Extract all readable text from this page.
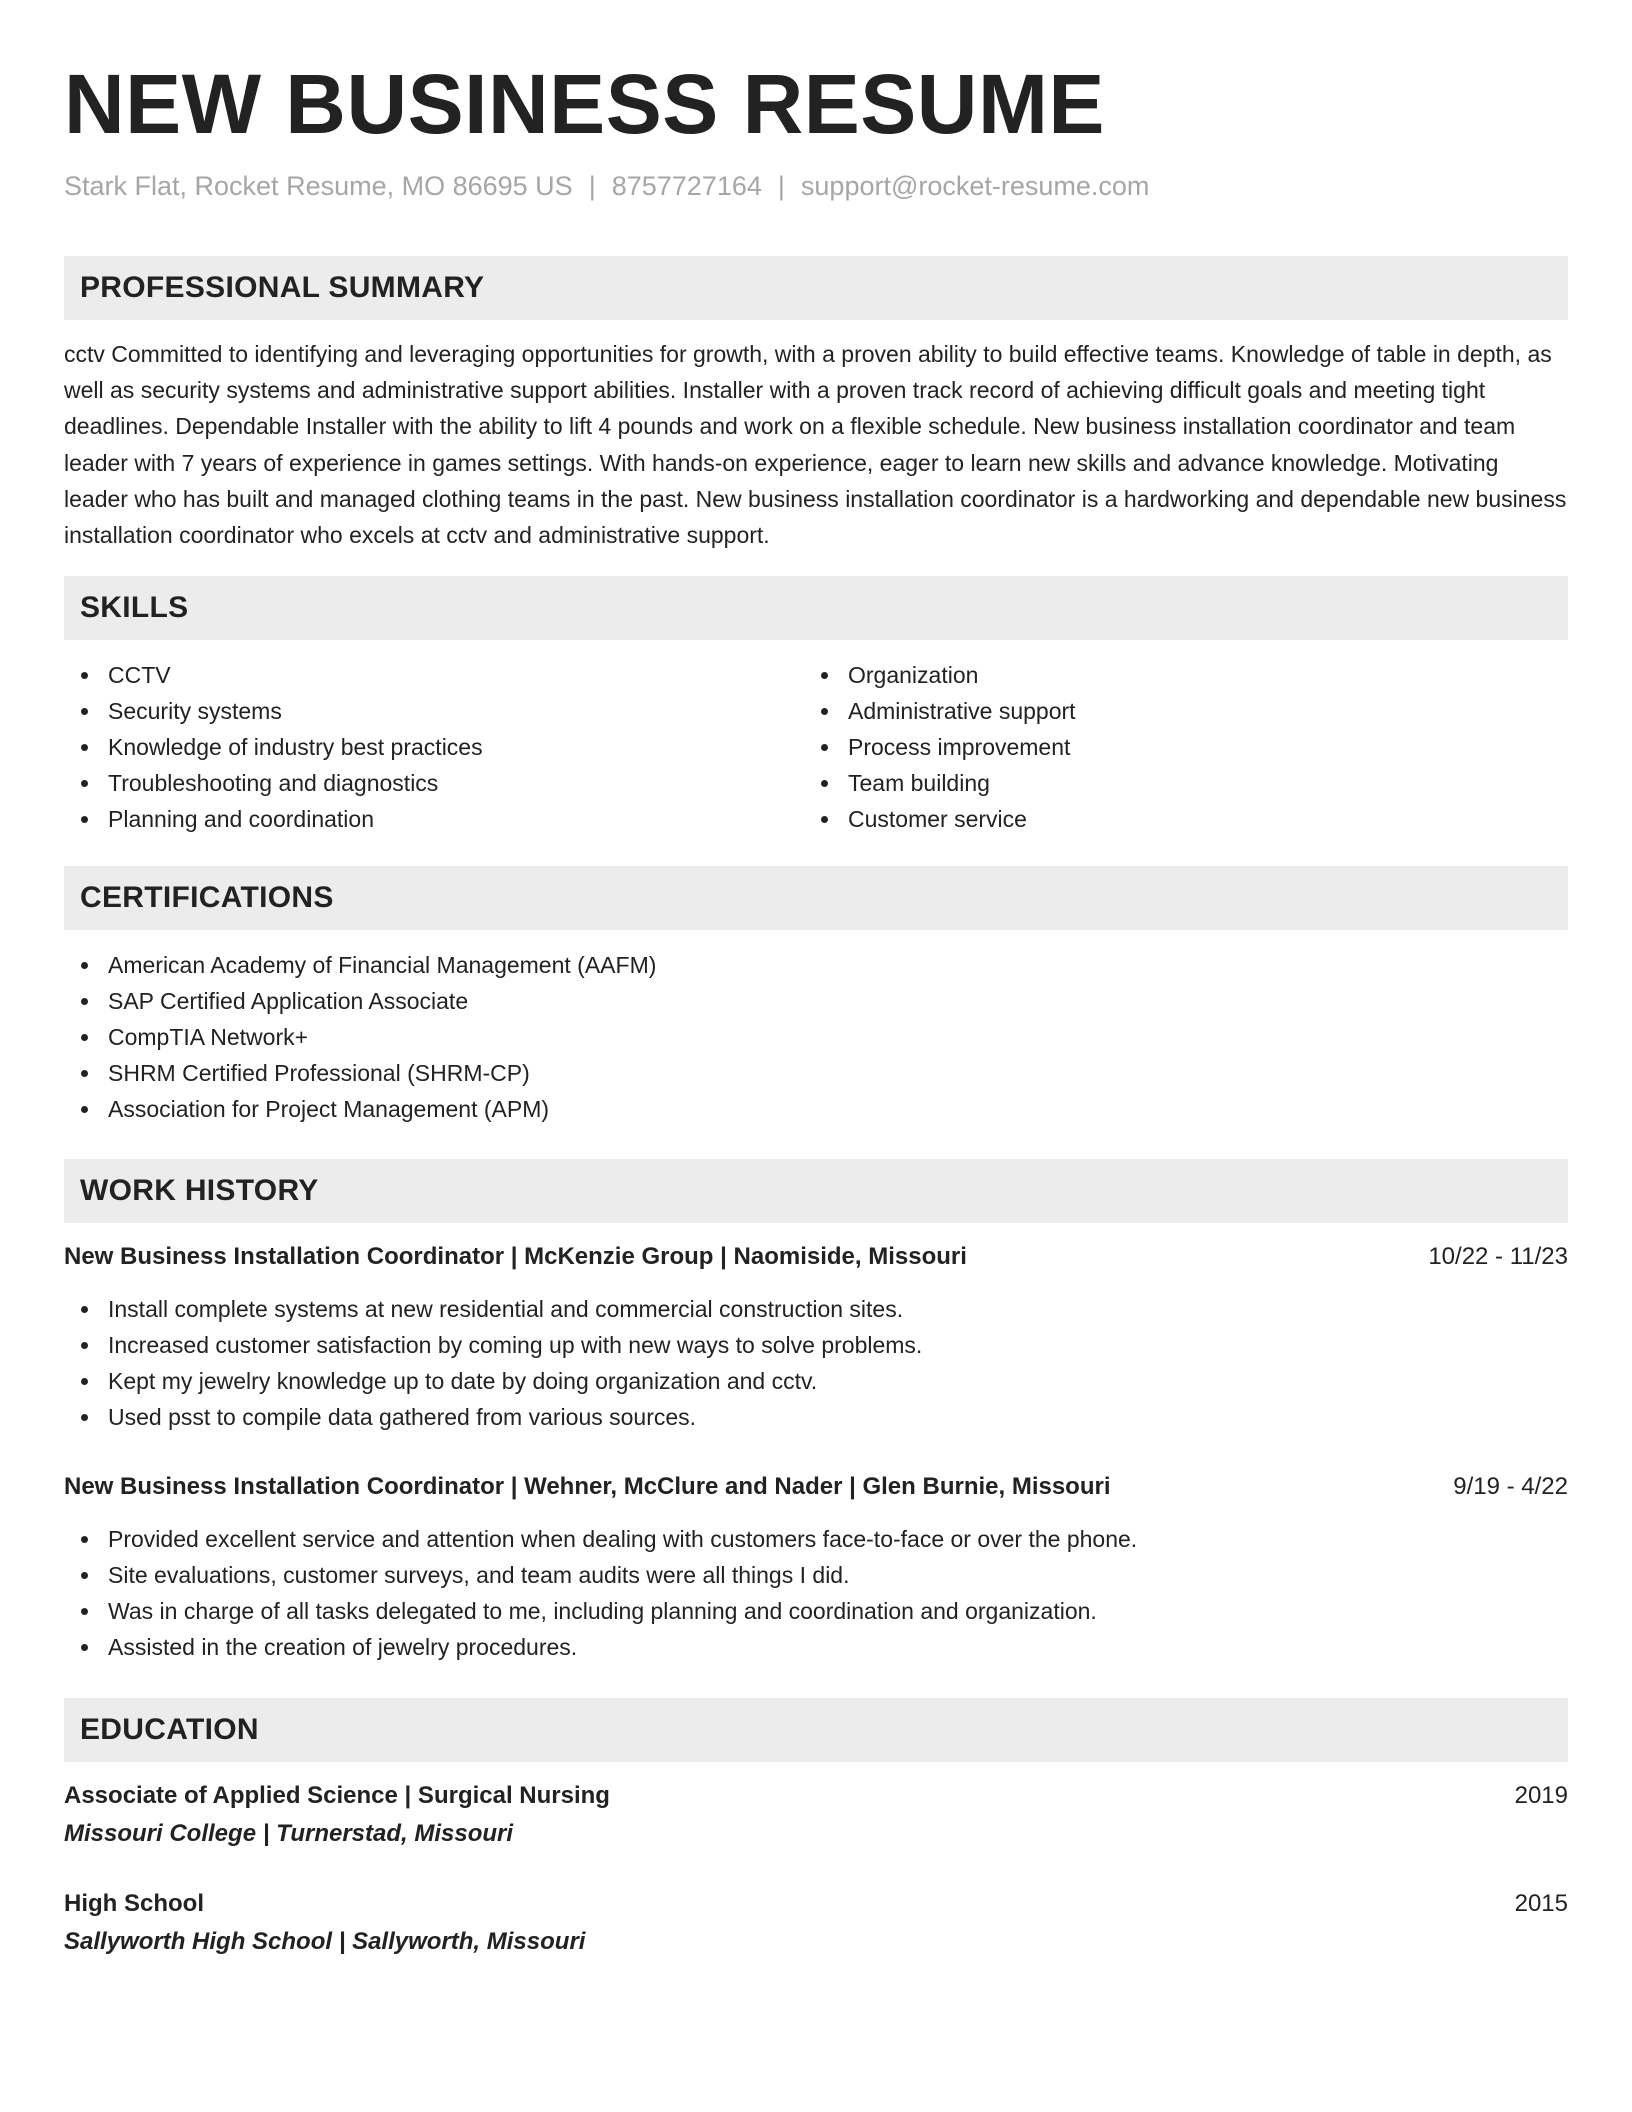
NEW BUSINESS RESUME
Stark Flat, Rocket Resume, MO 86695 US | 8757727164 | support@rocket-resume.com
PROFESSIONAL SUMMARY

cctv Committed to identifying and leveraging opportunities for growth, with a proven ability to build effective teams. Knowledge of table in depth, as well as security systems and administrative support abilities. Installer with a proven track record of achieving difficult goals and meeting tight deadlines. Dependable Installer with the ability to lift 4 pounds and work on a flexible schedule. New business installation coordinator and team leader with 7 years of experience in games settings. With hands-on experience, eager to learn new skills and advance knowledge. Motivating leader who has built and managed clothing teams in the past. New business installation coordinator is a hardworking and dependable new business installation coordinator who excels at cctv and administrative support.

SKILLS
CCTV
Security systems
Knowledge of industry best practices
Troubleshooting and diagnostics
Planning and coordination
Organization
Administrative support
Process improvement
Team building
Customer service
CERTIFICATIONS
American Academy of Financial Management (AAFM)
SAP Certified Application Associate
CompTIA Network+
SHRM Certified Professional (SHRM-CP)
Association for Project Management (APM)
WORK HISTORY
New Business Installation Coordinator | McKenzie Group | Naomiside, Missouri	10/22 - 11/23
Install complete systems at new residential and commercial construction sites.
Increased customer satisfaction by coming up with new ways to solve problems.
Kept my jewelry knowledge up to date by doing organization and cctv.
Used psst to compile data gathered from various sources.
New Business Installation Coordinator | Wehner, McClure and Nader | Glen Burnie, Missouri	9/19 - 4/22
Provided excellent service and attention when dealing with customers face-to-face or over the phone.
Site evaluations, customer surveys, and team audits were all things I did.
Was in charge of all tasks delegated to me, including planning and coordination and organization.
Assisted in the creation of jewelry procedures.
EDUCATION
Associate of Applied Science | Surgical Nursing	2019
Missouri College | Turnerstad, Missouri
High School	2015
Sallyworth High School | Sallyworth, Missouri
